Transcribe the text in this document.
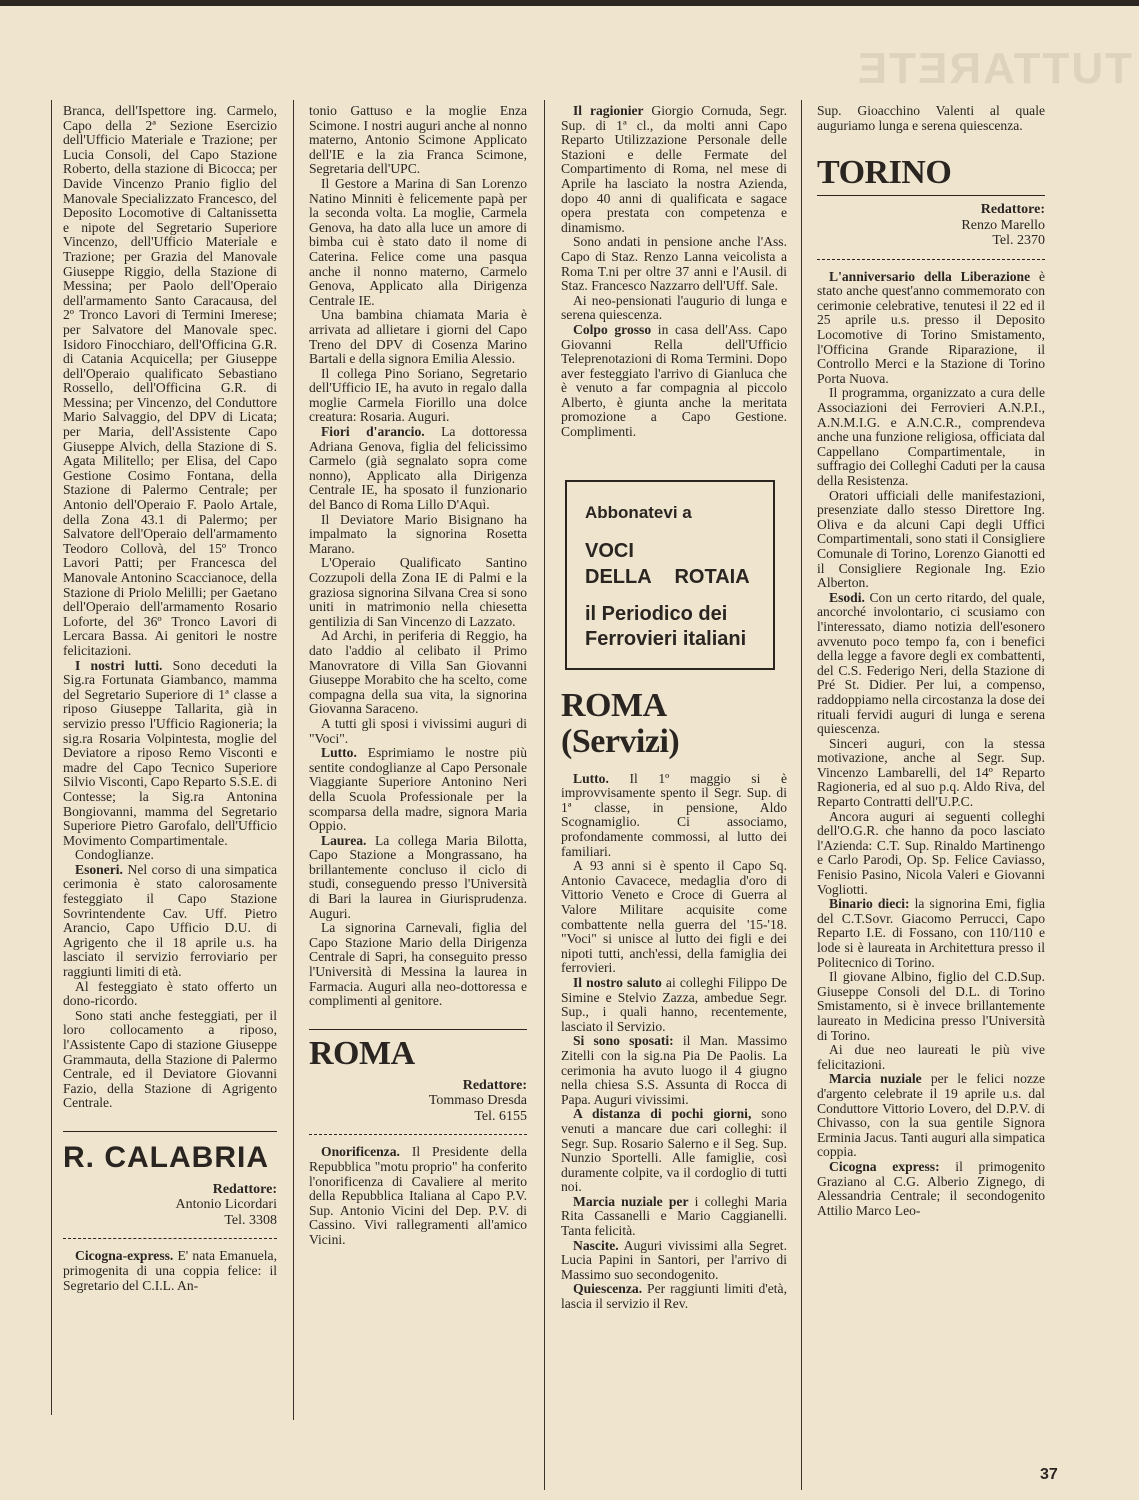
TUTTARETE

Branca, dell'Ispettore ing. Carmelo, Capo della 2ª Sezione Esercizio dell'Ufficio Materiale e Trazione; per Lucia Consoli, del Capo Stazione Roberto, della stazione di Bicocca; per Davide Vincenzo Pranio figlio del Manovale Specializzato Francesco, del Deposito Locomotive di Caltanissetta e nipote del Segretario Superiore Vincenzo, dell'Ufficio Materiale e Trazione; per Grazia del Manovale Giuseppe Riggio, della Stazione di Messina; per Paolo dell'Operaio dell'armamento Santo Caracausa, del 2º Tronco Lavori di Termini Imerese; per Salvatore del Manovale spec. Isidoro Finocchiaro, dell'Officina G.R. di Catania Acquicella; per Giuseppe dell'Operaio qualificato Sebastiano Rossello, dell'Officina G.R. di Messina; per Vincenzo, del Conduttore Mario Salvaggio, del DPV di Licata; per Maria, dell'Assistente Capo Giuseppe Alvich, della Stazione di S. Agata Militello; per Elisa, del Capo Gestione Cosimo Fontana, della Stazione di Palermo Centrale; per Antonio dell'Operaio F. Paolo Artale, della Zona 43.1 di Palermo; per Salvatore dell'Operaio dell'armamento Teodoro Collovà, del 15º Tronco Lavori Patti; per Francesca del Manovale Antonino Scaccianoce, della Stazione di Priolo Melilli; per Gaetano dell'Operaio dell'armamento Rosario Loforte, del 36º Tronco Lavori di Lercara Bassa. Ai genitori le nostre felicitazioni.

I nostri lutti. Sono deceduti la Sig.ra Fortunata Giambanco, mamma del Segretario Superiore di 1ª classe a riposo Giuseppe Tallarita, già in servizio presso l'Ufficio Ragioneria; la sig.ra Rosaria Volpintesta, moglie del Deviatore a riposo Remo Visconti e madre del Capo Tecnico Superiore Silvio Visconti, Capo Reparto S.S.E. di Contesse; la Sig.ra Antonina Bongiovanni, mamma del Segretario Superiore Pietro Garofalo, dell'Ufficio Movimento Compartimentale.

Condoglianze.

Esoneri. Nel corso di una simpatica cerimonia è stato calorosamente festeggiato il Capo Stazione Sovrintendente Cav. Uff. Pietro Arancio, Capo Ufficio D.U. di Agrigento che il 18 aprile u.s. ha lasciato il servizio ferroviario per raggiunti limiti di età.

Al festeggiato è stato offerto un dono-ricordo.

Sono stati anche festeggiati, per il loro collocamento a riposo, l'Assistente Capo di stazione Giuseppe Grammauta, della Stazione di Palermo Centrale, ed il Deviatore Giovanni Fazio, della Stazione di Agrigento Centrale.

R. CALABRIA
Redattore:
Antonio Licordari
Tel. 3308

Cicogna-express. E' nata Emanuela, primogenita di una coppia felice: il Segretario del C.I.L. An-

tonio Gattuso e la moglie Enza Scimone. I nostri auguri anche al nonno materno, Antonio Scimone Applicato dell'IE e la zia Franca Scimone, Segretaria dell'UPC.

Il Gestore a Marina di San Lorenzo Natino Minniti è felicemente papà per la seconda volta. La moglie, Carmela Genova, ha dato alla luce un amore di bimba cui è stato dato il nome di Caterina. Felice come una pasqua anche il nonno materno, Carmelo Genova, Applicato alla Dirigenza Centrale IE.

Una bambina chiamata Maria è arrivata ad allietare i giorni del Capo Treno del DPV di Cosenza Marino Bartali e della signora Emilia Alessio.

Il collega Pino Soriano, Segretario dell'Ufficio IE, ha avuto in regalo dalla moglie Carmela Fiorillo una dolce creatura: Rosaria. Auguri.

Fiori d'arancio. La dottoressa Adriana Genova, figlia del felicissimo Carmelo (già segnalato sopra come nonno), Applicato alla Dirigenza Centrale IE, ha sposato il funzionario del Banco di Roma Lillo D'Aquì.

Il Deviatore Mario Bisignano ha impalmato la signorina Rosetta Marano.

L'Operaio Qualificato Santino Cozzupoli della Zona IE di Palmi e la graziosa signorina Silvana Crea si sono uniti in matrimonio nella chiesetta gentilizia di San Vincenzo di Lazzato.

Ad Archi, in periferia di Reggio, ha dato l'addio al celibato il Primo Manovratore di Villa San Giovanni Giuseppe Morabito che ha scelto, come compagna della sua vita, la signorina Giovanna Saraceno.

A tutti gli sposi i vivissimi auguri di "Voci".

Lutto. Esprimiamo le nostre più sentite condoglianze al Capo Personale Viaggiante Superiore Antonino Neri della Scuola Professionale per la scomparsa della madre, signora Maria Oppio.

Laurea. La collega Maria Bilotta, Capo Stazione a Mongrassano, ha brillantemente concluso il ciclo di studi, conseguendo presso l'Università di Bari la laurea in Giurisprudenza. Auguri.

La signorina Carnevali, figlia del Capo Stazione Mario della Dirigenza Centrale di Sapri, ha conseguito presso l'Università di Messina la laurea in Farmacia. Auguri alla neo-dottoressa e complimenti al genitore.

ROMA
Redattore:
Tommaso Dresda
Tel. 6155

Onorificenza. Il Presidente della Repubblica "motu proprio" ha conferito l'onorificenza di Cavaliere al merito della Repubblica Italiana al Capo P.V. Sup. Antonio Vicini del Dep. P.V. di Cassino. Vivi rallegramenti all'amico Vicini.

Il ragionier Giorgio Cornuda, Segr. Sup. di 1ª cl., da molti anni Capo Reparto Utilizzazione Personale delle Stazioni e delle Fermate del Compartimento di Roma, nel mese di Aprile ha lasciato la nostra Azienda, dopo 40 anni di qualificata e sagace opera prestata con competenza e dinamismo.

Sono andati in pensione anche l'Ass. Capo di Staz. Renzo Lanna veicolista a Roma T.ni per oltre 37 anni e l'Ausil. di Staz. Francesco Nazzarro dell'Uff. Sale.

Ai neo-pensionati l'augurio di lunga e serena quiescenza.

Colpo grosso in casa dell'Ass. Capo Giovanni Rella dell'Ufficio Teleprenotazioni di Roma Termini. Dopo aver festeggiato l'arrivo di Gianluca che è venuto a far compagnia al piccolo Alberto, è giunta anche la meritata promozione a Capo Gestione. Complimenti.

Abbonatevi a
VOCI
DELLA ROTAIA
il Periodico dei
Ferrovieri italiani
ROMA (Servizi)

Lutto. Il 1º maggio si è improvvisamente spento il Segr. Sup. di 1ª classe, in pensione, Aldo Scognamiglio. Ci associamo, profondamente commossi, al lutto dei familiari.

A 93 anni si è spento il Capo Sq. Antonio Cavacece, medaglia d'oro di Vittorio Veneto e Croce di Guerra al Valore Militare acquisite come combattente nella guerra del '15-'18. "Voci" si unisce al lutto dei figli e dei nipoti tutti, anch'essi, della famiglia dei ferrovieri.

Il nostro saluto ai colleghi Filippo De Simine e Stelvio Zazza, ambedue Segr. Sup., i quali hanno, recentemente, lasciato il Servizio.

Si sono sposati: il Man. Massimo Zitelli con la sig.na Pia De Paolis. La cerimonia ha avuto luogo il 4 giugno nella chiesa S.S. Assunta di Rocca di Papa. Auguri vivissimi.

A distanza di pochi giorni, sono venuti a mancare due cari colleghi: il Segr. Sup. Rosario Salerno e il Seg. Sup. Nunzio Sportelli. Alle famiglie, così duramente colpite, va il cordoglio di tutti noi.

Marcia nuziale per i colleghi Maria Rita Cassanelli e Mario Caggianelli. Tanta felicità.

Nascite. Auguri vivissimi alla Segret. Lucia Papini in Santori, per l'arrivo di Massimo suo secondogenito.

Quiescenza. Per raggiunti limiti d'età, lascia il servizio il Rev.

Sup. Gioacchino Valenti al quale auguriamo lunga e serena quiescenza.

TORINO
Redattore:
Renzo Marello
Tel. 2370

L'anniversario della Liberazione è stato anche quest'anno commemorato con cerimonie celebrative, tenutesi il 22 ed il 25 aprile u.s. presso il Deposito Locomotive di Torino Smistamento, l'Officina Grande Riparazione, il Controllo Merci e la Stazione di Torino Porta Nuova.

Il programma, organizzato a cura delle Associazioni dei Ferrovieri A.N.P.I., A.N.M.I.G. e A.N.C.R., comprendeva anche una funzione religiosa, officiata dal Cappellano Compartimentale, in suffragio dei Colleghi Caduti per la causa della Resistenza.

Oratori ufficiali delle manifestazioni, presenziate dallo stesso Direttore Ing. Oliva e da alcuni Capi degli Uffici Compartimentali, sono stati il Consigliere Comunale di Torino, Lorenzo Gianotti ed il Consigliere Regionale Ing. Ezio Alberton.

Esodi. Con un certo ritardo, del quale, ancorché involontario, ci scusiamo con l'interessato, diamo notizia dell'esonero avvenuto poco tempo fa, con i benefici della legge a favore degli ex combattenti, del C.S. Federigo Neri, della Stazione di Pré St. Didier. Per lui, a compenso, raddoppiamo nella circostanza la dose dei rituali fervidi auguri di lunga e serena quiescenza.

Sinceri auguri, con la stessa motivazione, anche al Segr. Sup. Vincenzo Lambarelli, del 14º Reparto Ragioneria, ed al suo p.q. Aldo Riva, del Reparto Contratti dell'U.P.C.

Ancora auguri ai seguenti colleghi dell'O.G.R. che hanno da poco lasciato l'Azienda: C.T. Sup. Rinaldo Martinengo e Carlo Parodi, Op. Sp. Felice Caviasso, Fenisio Pasino, Nicola Valeri e Giovanni Vogliotti.

Binario dieci: la signorina Emi, figlia del C.T.Sovr. Giacomo Perrucci, Capo Reparto I.E. di Fossano, con 110/110 e lode si è laureata in Architettura presso il Politecnico di Torino.

Il giovane Albino, figlio del C.D.Sup. Giuseppe Consoli del D.L. di Torino Smistamento, si è invece brillantemente laureato in Medicina presso l'Università di Torino.

Ai due neo laureati le più vive felicitazioni.

Marcia nuziale per le felici nozze d'argento celebrate il 19 aprile u.s. dal Conduttore Vittorio Lovero, del D.P.V. di Chivasso, con la sua gentile Signora Erminia Jacus. Tanti auguri alla simpatica coppia.

Cicogna express: il primogenito Graziano al C.G. Alberio Zignego, di Alessandria Centrale; il secondogenito Attilio Marco Leo-

37
